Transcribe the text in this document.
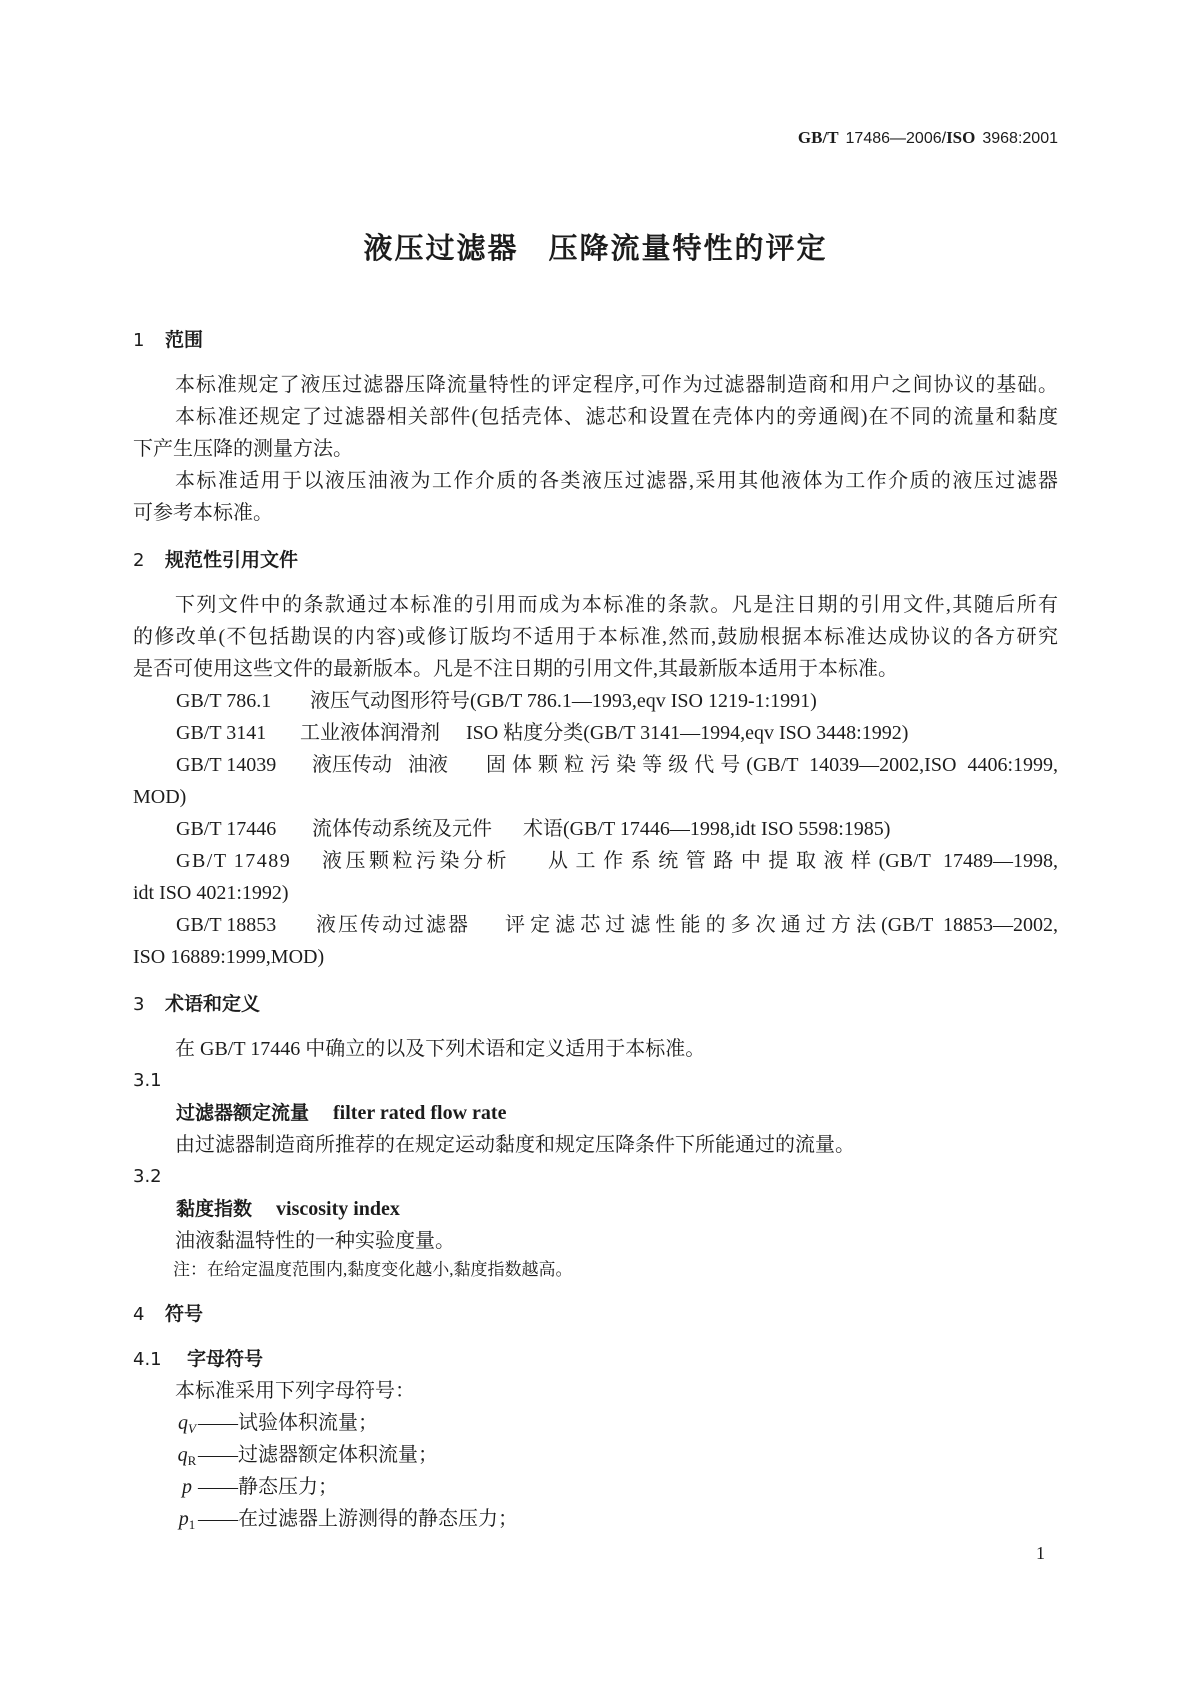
GB/T 17486—2006/ISO 3968:2001
液压过滤器 压降流量特性的评定
1 范围
本标准规定了液压过滤器压降流量特性的评定程序,可作为过滤器制造商和用户之间协议的基础。
本标准还规定了过滤器相关部件(包括壳体、滤芯和设置在壳体内的旁通阀)在不同的流量和黏度
下产生压降的测量方法。
本标准适用于以液压油液为工作介质的各类液压过滤器,采用其他液体为工作介质的液压过滤器
可参考本标准。
2 规范性引用文件
下列文件中的条款通过本标准的引用而成为本标准的条款。凡是注日期的引用文件,其随后所有
的修改单(不包括勘误的内容)或修订版均不适用于本标准,然而,鼓励根据本标准达成协议的各方研究
是否可使用这些文件的最新版本。凡是不注日期的引用文件,其最新版本适用于本标准。
GB/T 786.1 液压气动图形符号(GB/T 786.1—1993,eqv ISO 1219-1:1991)
GB/T 3141 工业液体润滑剂 ISO 粘度分类(GB/T 3141—1994,eqv ISO 3448:1992)
GB/T 14039 液压传动 油液 固体颗粒污染等级代号(GB/T 14039—2002,ISO 4406:1999,
MOD)
GB/T 17446 流体传动系统及元件 术语(GB/T 17446—1998,idt ISO 5598:1985)
GB/T 17489 液压颗粒污染分析 从工作系统管路中提取液样(GB/T 17489—1998,
idt ISO 4021:1992)
GB/T 18853 液压传动过滤器 评定滤芯过滤性能的多次通过方法(GB/T 18853—2002,
ISO 16889:1999,MOD)
3 术语和定义
在 GB/T 17446 中确立的以及下列术语和定义适用于本标准。
3.1
过滤器额定流量 filter rated flow rate
由过滤器制造商所推荐的在规定运动黏度和规定压降条件下所能通过的流量。
3.2
黏度指数 viscosity index
油液黏温特性的一种实验度量。
注：在给定温度范围内,黏度变化越小,黏度指数越高。
4 符号
4.1 字母符号
本标准采用下列字母符号：
$q_V$ ——试验体积流量；
$q_R——$过滤器额定体积流量；
p ——静态压力；
$p_1$ ——在过滤器上游测得的静态压力；
1
